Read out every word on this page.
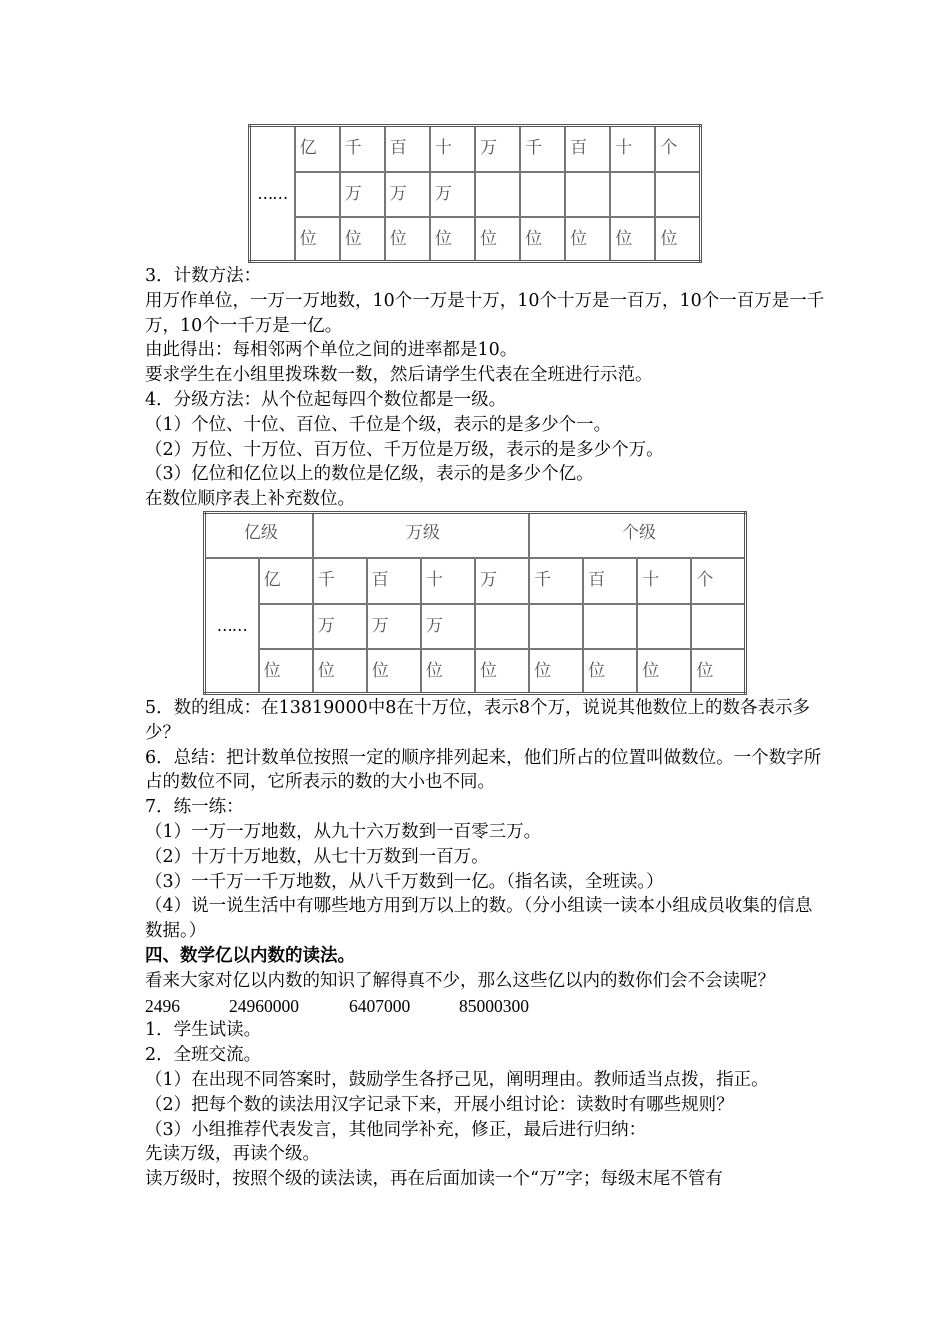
……	亿	千	百	十	万	千	百	十	个
		万	万	万					
	位	位	位	位	位	位	位	位	位
亿级		万级				个级			
……	亿	千	百	十	万	千	百	十	个
		万	万	万					
	位	位	位	位	位	位	位	位	位

3．计数方法：

用万作单位，一万一万地数，10个一万是十万，10个十万是一百万，10个一百万是一千万，10个一千万是一亿。

由此得出：每相邻两个单位之间的进率都是10。

要求学生在小组里拨珠数一数，然后请学生代表在全班进行示范。

4．分级方法：从个位起每四个数位都是一级。

（1）个位、十位、百位、千位是个级，表示的是多少个一。

（2）万位、十万位、百万位、千万位是万级，表示的是多少个万。

（3）亿位和亿位以上的数位是亿级，表示的是多少个亿。

在数位顺序表上补充数位。

5．数的组成：在13819000中8在十万位，表示8个万，说说其他数位上的数各表示多少？

6．总结：把计数单位按照一定的顺序排列起来，他们所占的位置叫做数位。一个数字所占的数位不同，它所表示的数的大小也不同。

7．练一练：

（1）一万一万地数，从九十六万数到一百零三万。

（2）十万十万地数，从七十万数到一百万。

（3）一千万一千万地数，从八千万数到一亿。（指名读，全班读。）

（4）说一说生活中有哪些地方用到万以上的数。（分小组读一读本小组成员收集的信息数据。）

四、数学亿以内数的读法。

看来大家对亿以内数的知识了解得真不少，那么这些亿以内的数你们会不会读呢？

2496	24960000	6407000	85000300

1．学生试读。

2．全班交流。

（1）在出现不同答案时，鼓励学生各抒己见，阐明理由。教师适当点拨，指正。

（2）把每个数的读法用汉字记录下来，开展小组讨论：读数时有哪些规则？

（3）小组推荐代表发言，其他同学补充，修正，最后进行归纳：

先读万级，再读个级。

读万级时，按照个级的读法读，再在后面加读一个“万”字；每级末尾不管有
